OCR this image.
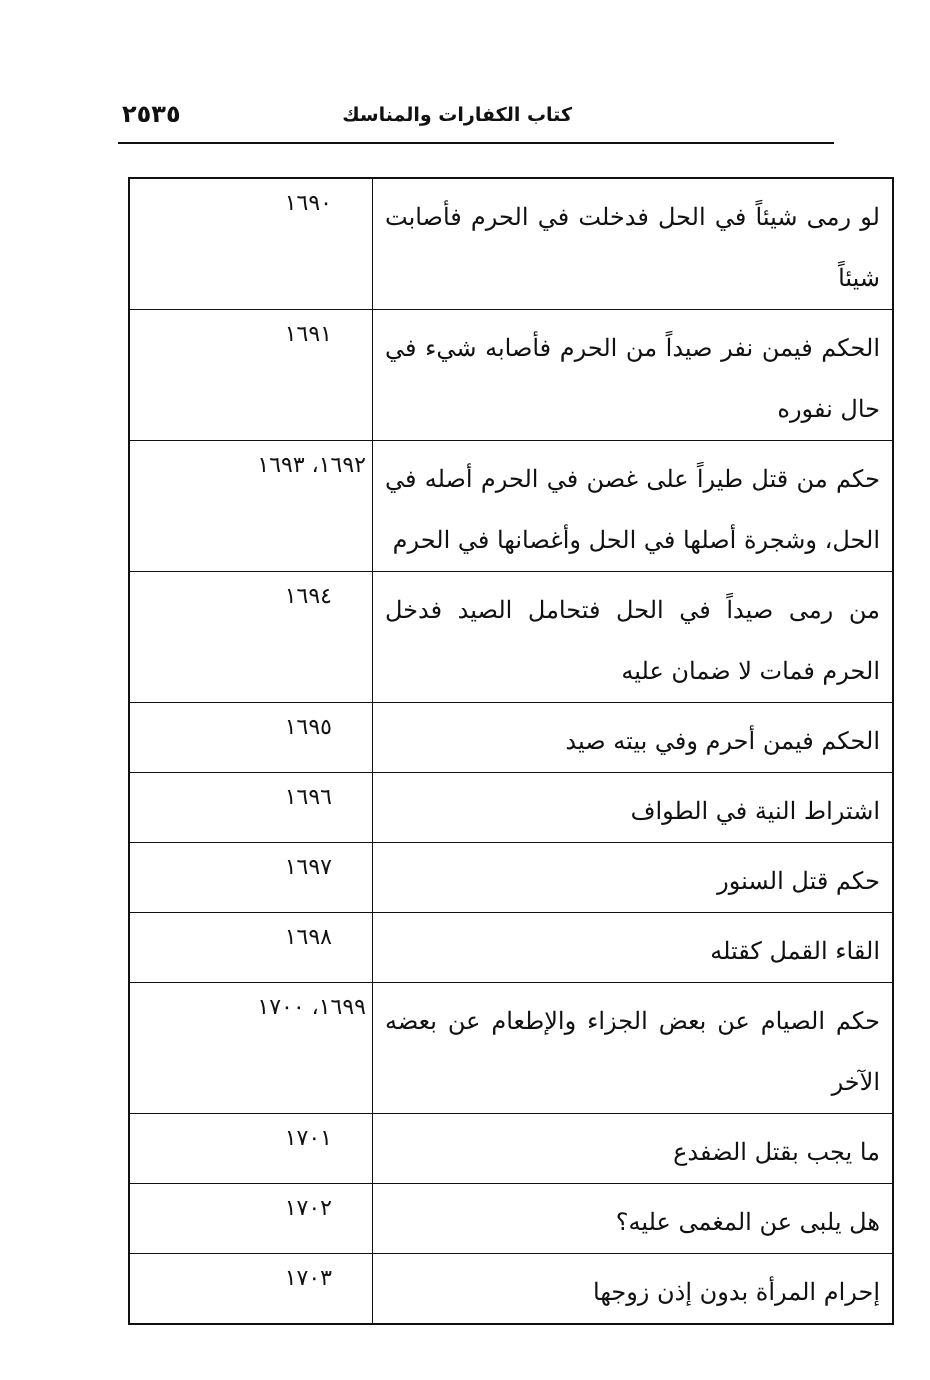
كتاب الكفارات والمناسك
٢٥٣٥
لو رمى شيئاً في الحل فدخلت في الحرم فأصابت شيئاً	١٦٩٠
الحكم فيمن نفر صيداً من الحرم فأصابه شيء في حال نفوره	١٦٩١
حكم من قتل طيراً على غصن في الحرم أصله في الحل، وشجرة أصلها في الحل وأغصانها في الحرم	١٦٩٢، ١٦٩٣
من رمى صيداً في الحل فتحامل الصيد فدخل الحرم فمات لا ضمان عليه	١٦٩٤
الحكم فيمن أحرم وفي بيته صيد	١٦٩٥
اشتراط النية في الطواف	١٦٩٦
حكم قتل السنور	١٦٩٧
القاء القمل كقتله	١٦٩٨
حكم الصيام عن بعض الجزاء والإطعام عن بعضه الآخر	١٦٩٩، ١٧٠٠
ما يجب بقتل الضفدع	١٧٠١
هل يلبى عن المغمى عليه؟	١٧٠٢
إحرام المرأة بدون إذن زوجها	١٧٠٣
